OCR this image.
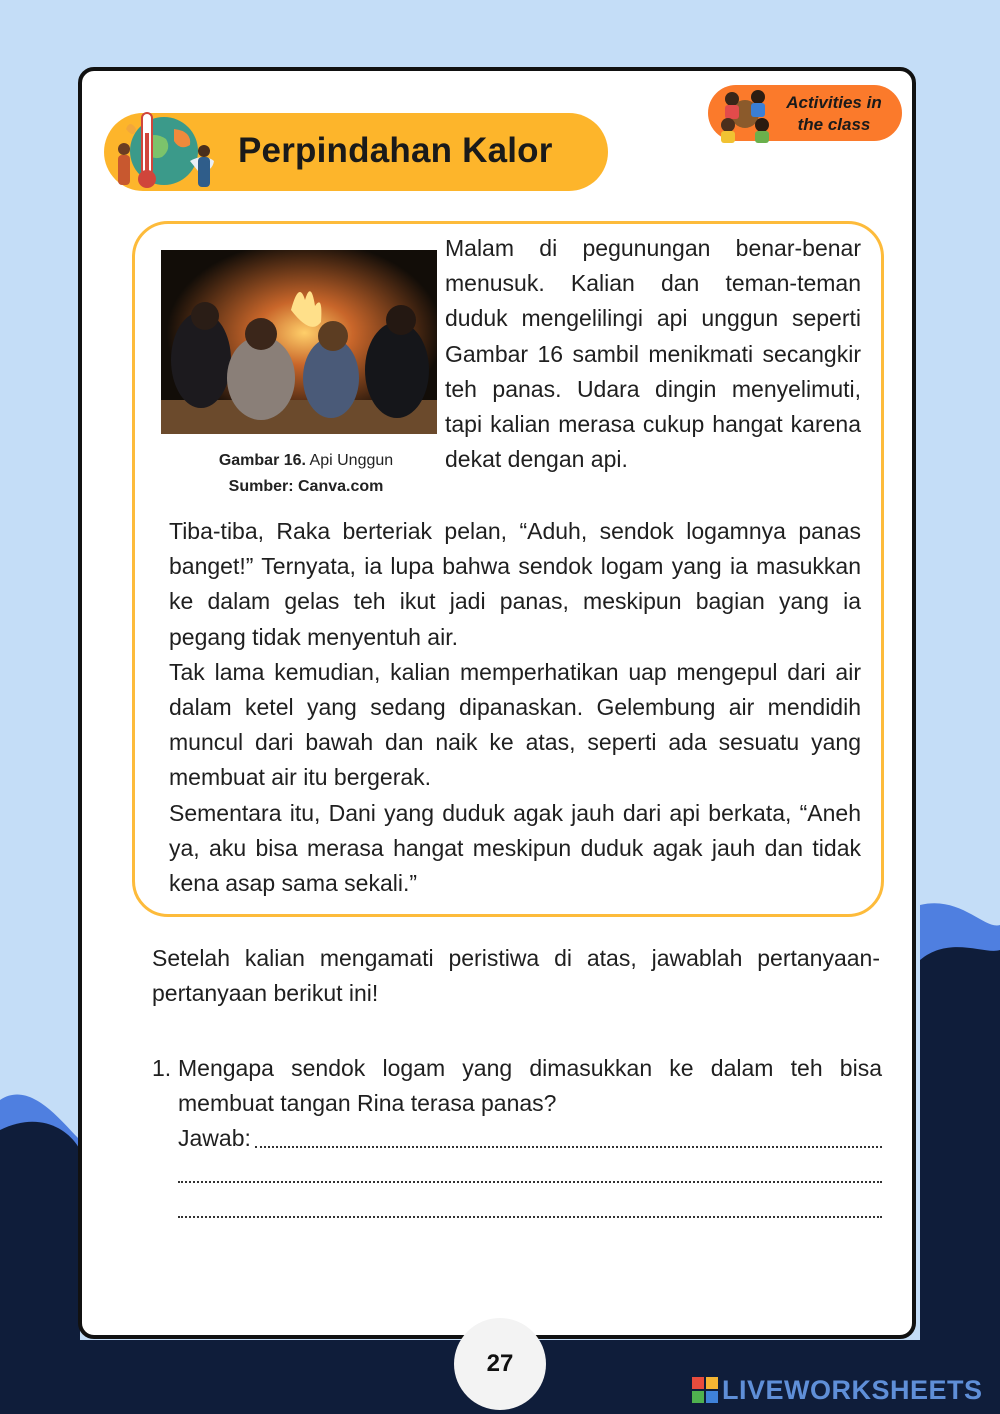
Perpindahan Kalor
Activities in
the class
Gambar 16. Api Unggun
Sumber: Canva.com
Malam di pegunungan benar-benar menusuk. Kalian dan teman-teman duduk mengelilingi api unggun seperti Gambar 16 sambil menikmati secangkir teh panas. Udara dingin menyelimuti, tapi kalian merasa cukup hangat karena dekat dengan api.

Tiba-tiba, Raka berteriak pelan, “Aduh, sendok logamnya panas banget!” Ternyata, ia lupa bahwa sendok logam yang ia masukkan ke dalam gelas teh ikut jadi panas, meskipun bagian yang ia pegang tidak menyentuh air.

Tak lama kemudian, kalian memperhatikan uap mengepul dari air dalam ketel yang sedang dipanaskan. Gelembung air mendidih muncul dari bawah dan naik ke atas, seperti ada sesuatu yang membuat air itu bergerak.

Sementara itu, Dani yang duduk agak jauh dari api berkata, “Aneh ya, aku bisa merasa hangat meskipun duduk agak jauh dan tidak kena asap sama sekali.”

Setelah kalian mengamati peristiwa di atas, jawablah pertanyaan-pertanyaan berikut ini!
1. Mengapa sendok logam yang dimasukkan ke dalam teh bisa membuat tangan Rina terasa panas?
Jawab:
27
LIVEWORKSHEETS
